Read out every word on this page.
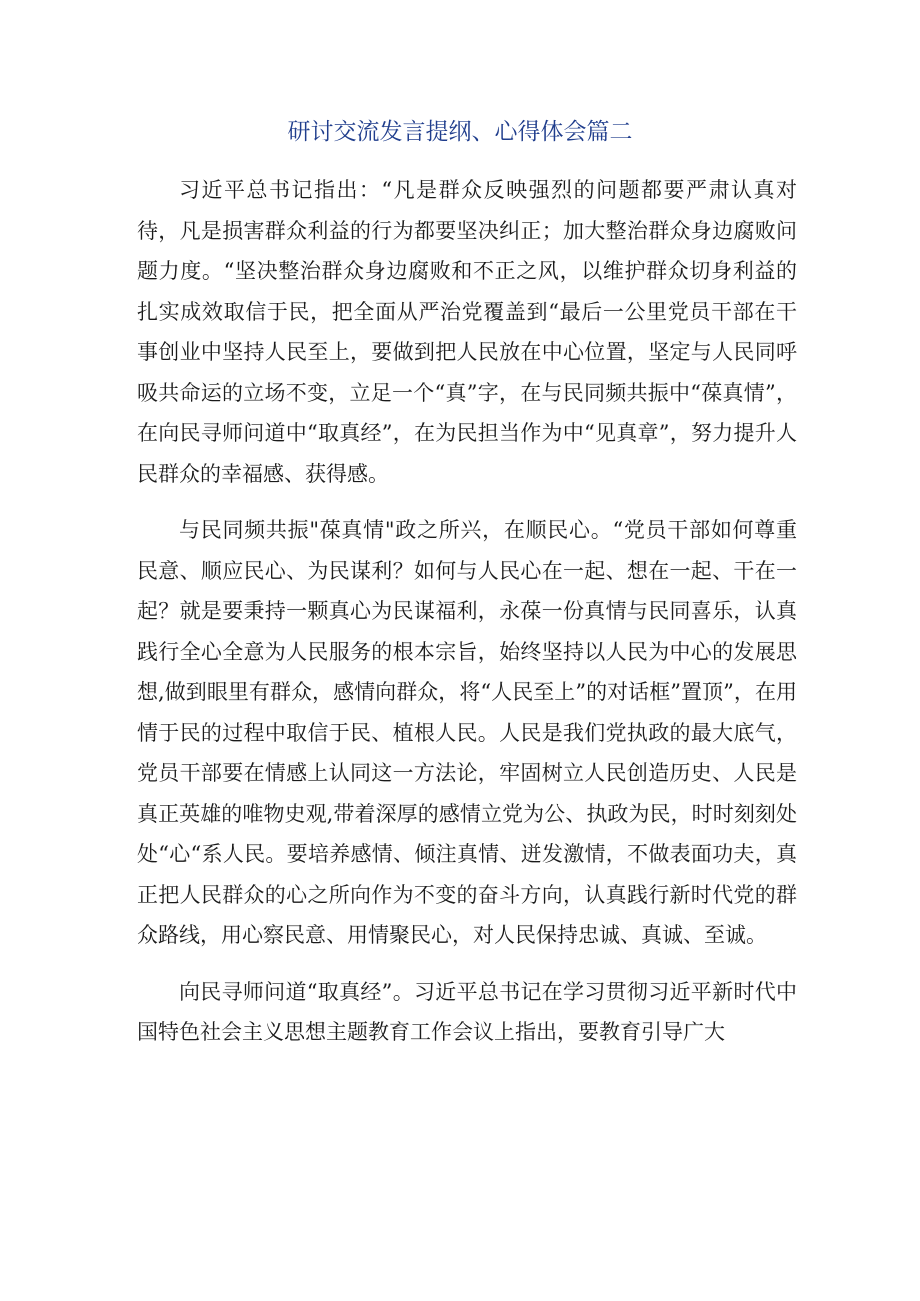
研讨交流发言提纲、心得体会篇二

习近平总书记指出：“凡是群众反映强烈的问题都要严肃认真对待，凡是损害群众利益的行为都要坚决纠正；加大整治群众身边腐败问题力度。“坚决整治群众身边腐败和不正之风，以维护群众切身利益的扎实成效取信于民，把全面从严治党覆盖到“最后一公里党员干部在干事创业中坚持人民至上，要做到把人民放在中心位置，坚定与人民同呼吸共命运的立场不变，立足一个“真”字，在与民同频共振中“葆真情”，在向民寻师问道中“取真经”，在为民担当作为中“见真章”，努力提升人民群众的幸福感、获得感。

与民同频共振"葆真情"政之所兴，在顺民心。“党员干部如何尊重民意、顺应民心、为民谋利？如何与人民心在一起、想在一起、干在一起？就是要秉持一颗真心为民谋福利，永葆一份真情与民同喜乐，认真践行全心全意为人民服务的根本宗旨，始终坚持以人民为中心的发展思想,做到眼里有群众，感情向群众，将“人民至上”的对话框”置顶”，在用情于民的过程中取信于民、植根人民。人民是我们党执政的最大底气，党员干部要在情感上认同这一方法论，牢固树立人民创造历史、人民是真正英雄的唯物史观,带着深厚的感情立党为公、执政为民，时时刻刻处处“心“系人民。要培养感情、倾注真情、迸发激情，不做表面功夫，真正把人民群众的心之所向作为不变的奋斗方向，认真践行新时代党的群众路线，用心察民意、用情聚民心，对人民保持忠诚、真诚、至诚。

向民寻师问道“取真经”。习近平总书记在学习贯彻习近平新时代中国特色社会主义思想主题教育工作会议上指出，要教育引导广大
